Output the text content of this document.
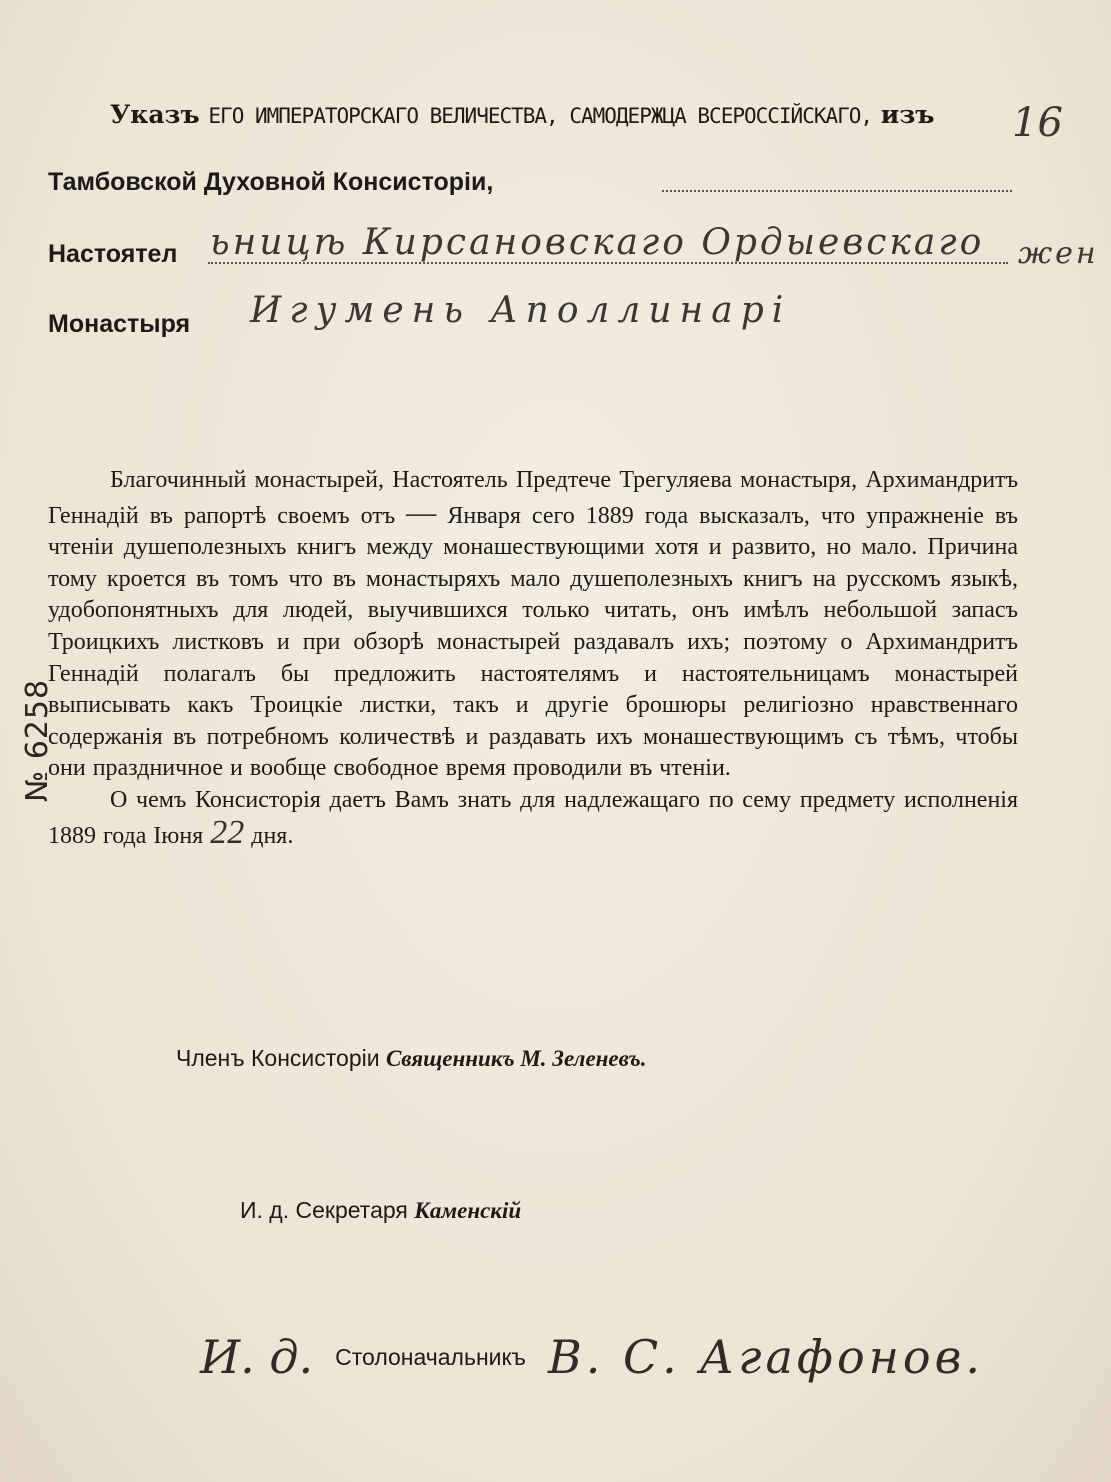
№ 6258
Указъ ЕГО ИМПЕРАТОРСКАГО ВЕЛИЧЕСТВА, САМОДЕРЖЦА ВСЕРОССІЙСКАГО, изъ	16
Тамбовской Духовной Консисторіи,
Настоятел ьницѣ Кирсановскаго Ордыевскаго жен
Монастыря Игумень Аполлинарі

Благочинный монастырей, Настоятель Предтече Трегуляева монастыря, Архимандритъ Геннадій въ рапортѣ своемъ отъ — Января сего 1889 года высказалъ, что упражненіе въ чтеніи душеполезныхъ книгъ между монашествующими хотя и развито, но мало. Причина тому кроется въ томъ что въ монастыряхъ мало душеполезныхъ книгъ на русскомъ языкѣ, удобопонятныхъ для людей, выучившихся только читать, онъ имѣлъ небольшой запасъ Троицкихъ листковъ и при обзорѣ монастырей раздавалъ ихъ; поэтому о Архимандритъ Геннадій полагалъ бы предложить настоятелямъ и настоятельницамъ монастырей выписывать какъ Троицкіе листки, такъ и другіе брошюры религіозно нравственнаго содержанія въ потребномъ количествѣ и раздавать ихъ монашествующимъ съ тѣмъ, чтобы они праздничное и вообще свободное время проводили въ чтеніи.

О чемъ Консисторія даетъ Вамъ знать для надлежащаго по сему предмету исполненія 1889 года Іюня 22 дня.

Членъ Консисторіи Священникъ М. Зеленевъ.
И. д. Секретаря Каменскій
И. д. Столоначальникъ В. С. Агафонов.
